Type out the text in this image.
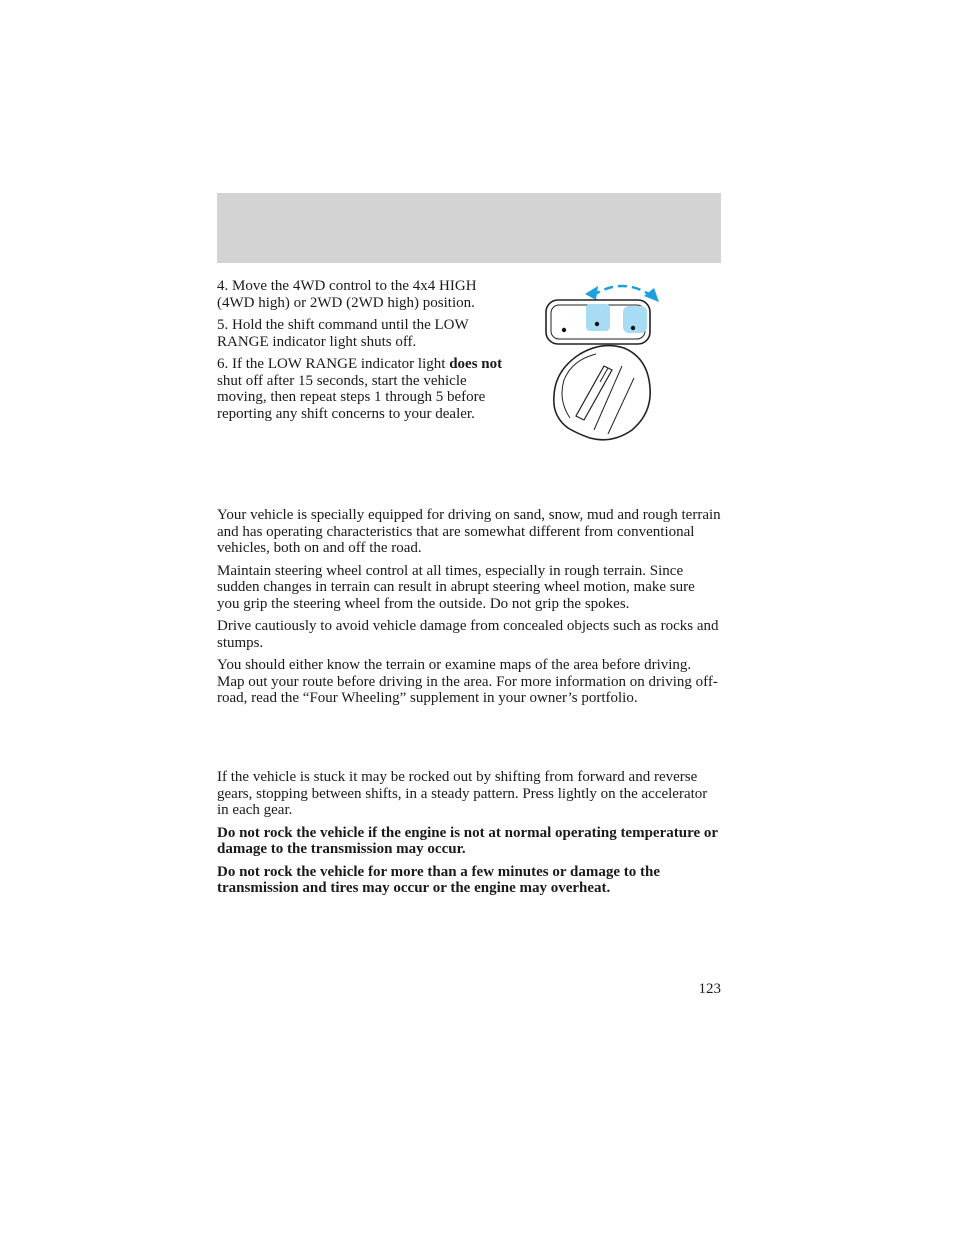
4. Move the 4WD control to the 4x4 HIGH (4WD high) or 2WD (2WD high) position.

5. Hold the shift command until the LOW RANGE indicator light shuts off.

6. If the LOW RANGE indicator light does not shut off after 15 seconds, start the vehicle moving, then repeat steps 1 through 5 before reporting any shift concerns to your dealer.

Your vehicle is specially equipped for driving on sand, snow, mud and rough terrain and has operating characteristics that are somewhat different from conventional vehicles, both on and off the road.

Maintain steering wheel control at all times, especially in rough terrain. Since sudden changes in terrain can result in abrupt steering wheel motion, make sure you grip the steering wheel from the outside. Do not grip the spokes.

Drive cautiously to avoid vehicle damage from concealed objects such as rocks and stumps.

You should either know the terrain or examine maps of the area before driving. Map out your route before driving in the area. For more information on driving off-road, read the “Four Wheeling” supplement in your owner’s portfolio.

If the vehicle is stuck it may be rocked out by shifting from forward and reverse gears, stopping between shifts, in a steady pattern. Press lightly on the accelerator in each gear.

Do not rock the vehicle if the engine is not at normal operating temperature or damage to the transmission may occur.

Do not rock the vehicle for more than a few minutes or damage to the transmission and tires may occur or the engine may overheat.

123
